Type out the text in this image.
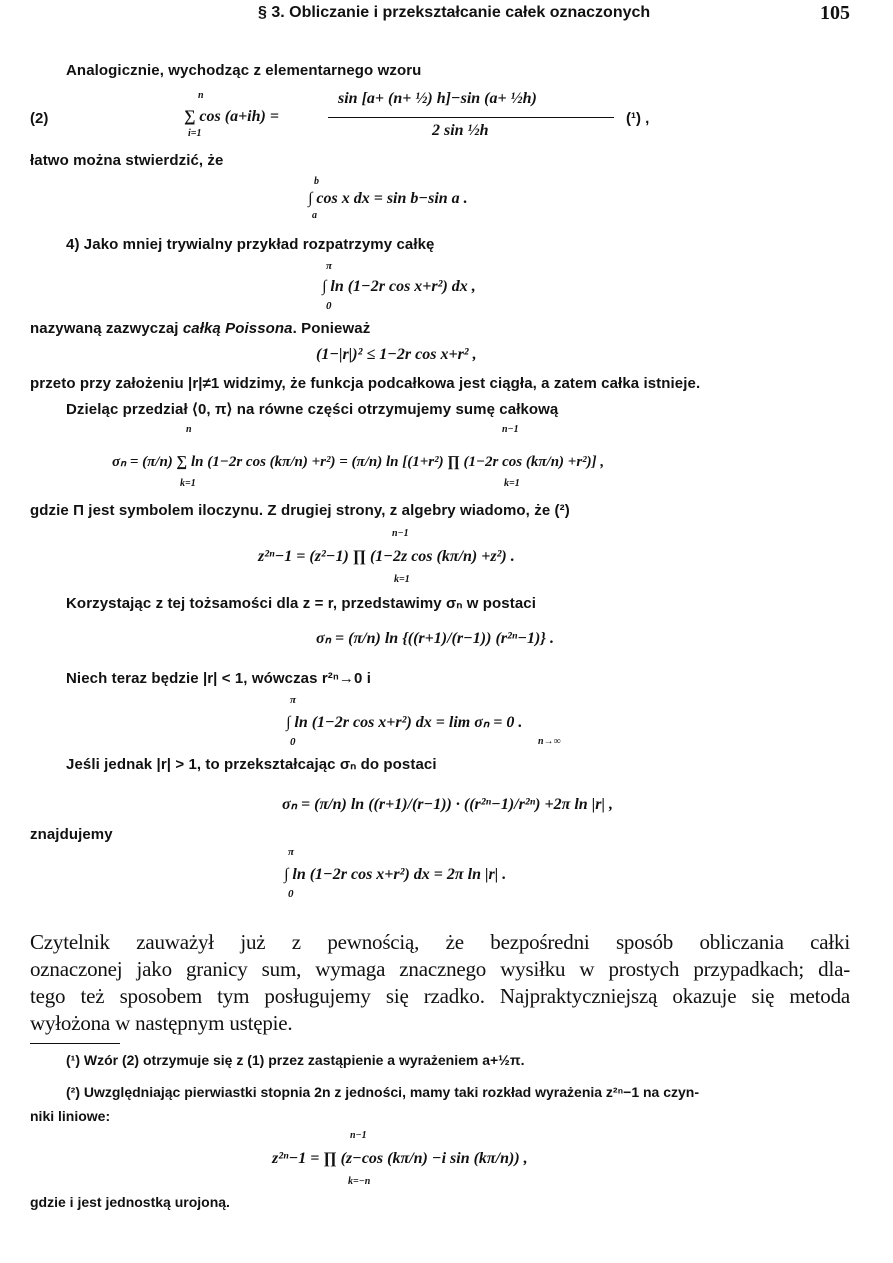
§ 3. Obliczanie i przekształcanie całek oznaczonych	105
Analogicznie, wychodząc z elementarnego wzoru
(2)
n
∑ cos (a+ih) =
i=1
sin [a+ (n+ ½) h]−sin (a+ ½h)
2 sin ½h
(¹) ,
łatwo można stwierdzić, że
b
∫ cos x dx = sin b−sin a .
a
4) Jako mniej trywialny przykład rozpatrzymy całkę
π
∫ ln (1−2r cos x+r²) dx ,
0
nazywaną zazwyczaj całką Poissona. Ponieważ
(1−|r|)² ≤ 1−2r cos x+r² ,
przeto przy założeniu |r|≠1 widzimy, że funkcja podcałkowa jest ciągła, a zatem całka istnieje.
Dzieląc przedział ⟨0, π⟩ na równe części otrzymujemy sumę całkową
n	n−1
σₙ = (π/n) ∑ ln (1−2r cos (kπ/n) +r²) = (π/n) ln [(1+r²) ∏ (1−2r cos (kπ/n) +r²)] ,
k=1	k=1
gdzie Π jest symbolem iloczynu. Z drugiej strony, z algebry wiadomo, że (²)
n−1
z²ⁿ−1 = (z²−1) ∏ (1−2z cos (kπ/n) +z²) .
k=1
Korzystając z tej tożsamości dla z = r, przedstawimy σₙ w postaci
σₙ = (π/n) ln {((r+1)/(r−1)) (r²ⁿ−1)} .
Niech teraz będzie |r| < 1, wówczas r²ⁿ→0 i
π
∫ ln (1−2r cos x+r²) dx = lim σₙ = 0 .
0	n→∞
Jeśli jednak |r| > 1, to przekształcając σₙ do postaci
σₙ = (π/n) ln ((r+1)/(r−1)) · ((r²ⁿ−1)/r²ⁿ) +2π ln |r| ,
znajdujemy
π
∫ ln (1−2r cos x+r²) dx = 2π ln |r| .
0
Czytelnik zauważył już z pewnością, że bezpośredni sposób obliczania całki
oznaczonej jako granicy sum, wymaga znacznego wysiłku w prostych przypadkach; dla-
tego też sposobem tym posługujemy się rzadko. Najpraktyczniejszą okazuje się metoda
wyłożona w następnym ustępie.
(¹) Wzór (2) otrzymuje się z (1) przez zastąpienie a wyrażeniem a+½π.
(²) Uwzględniając pierwiastki stopnia 2n z jedności, mamy taki rozkład wyrażenia z²ⁿ−1 na czyn-
niki liniowe:
n−1
z²ⁿ−1 = ∏ (z−cos (kπ/n) −i sin (kπ/n)) ,
k=−n
gdzie i jest jednostką urojoną.
